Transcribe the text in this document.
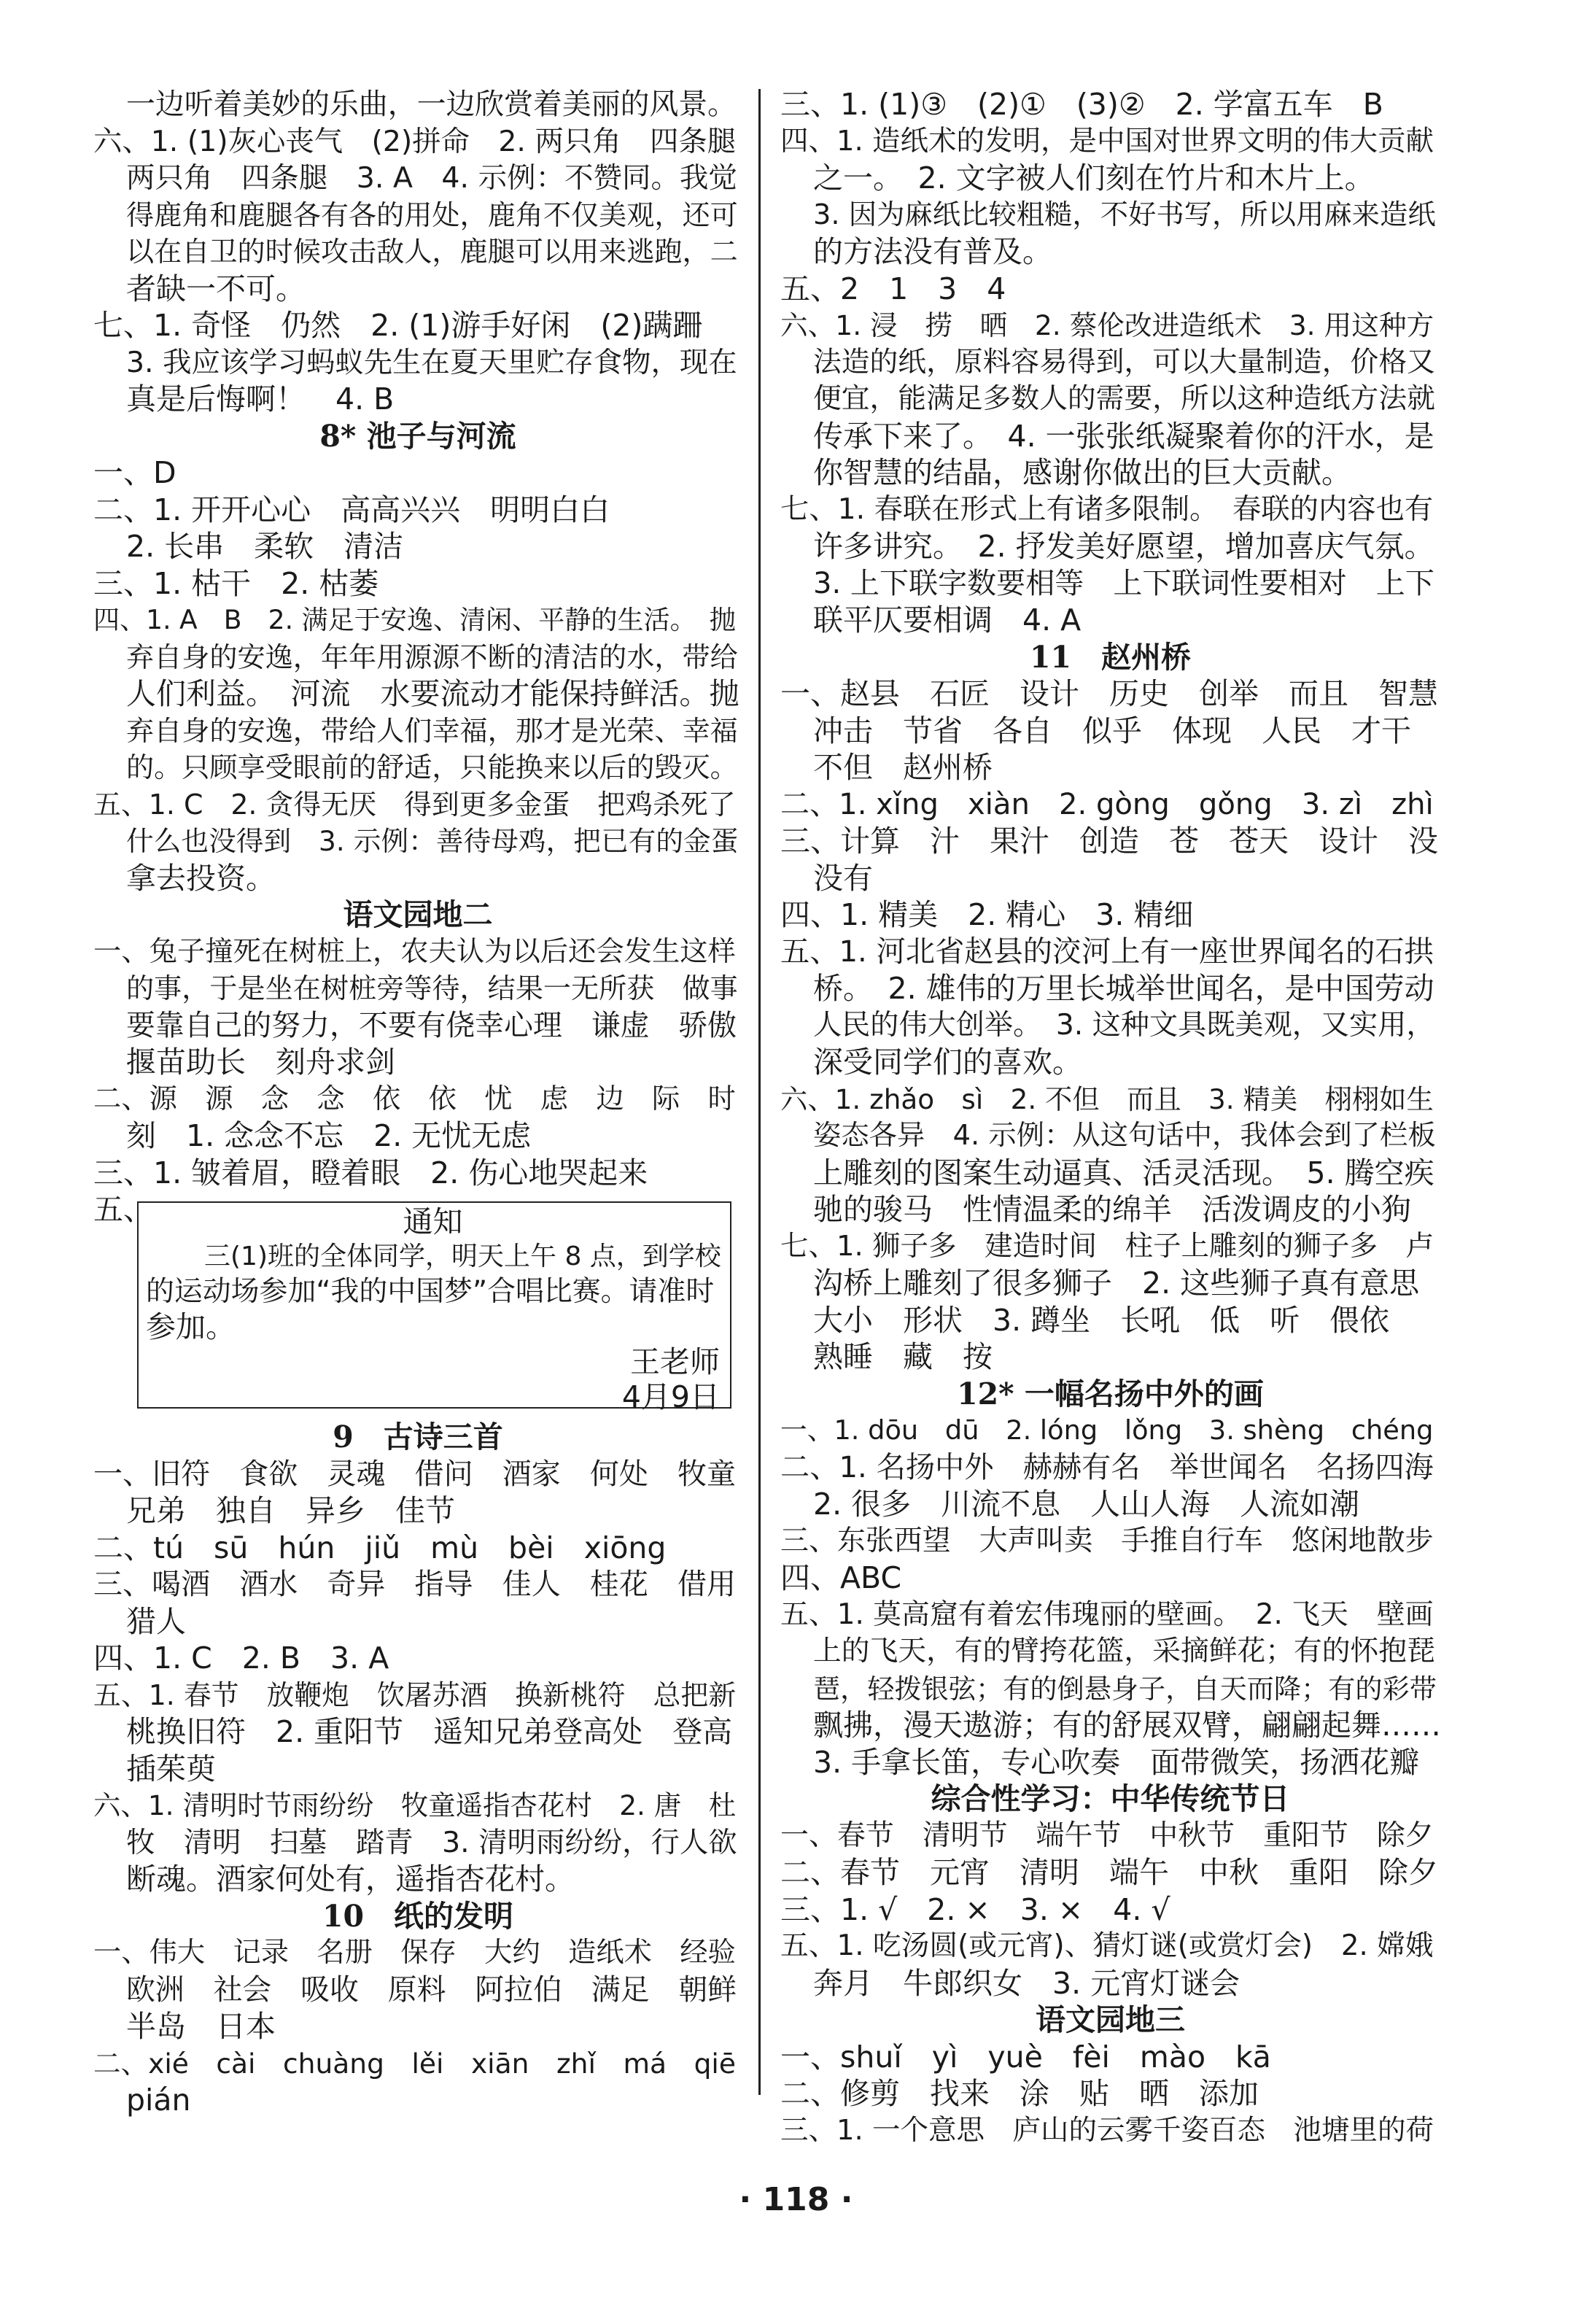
一边听着美妙的乐曲，一边欣赏着美丽的风景。
六、1. (1)灰心丧气　(2)拼命　2. 两只角　四条腿
两只角　四条腿　3. A　4. 示例：不赞同。我觉
得鹿角和鹿腿各有各的用处，鹿角不仅美观，还可
以在自卫的时候攻击敌人，鹿腿可以用来逃跑，二
者缺一不可。
七、1. 奇怪　仍然　2. (1)游手好闲　(2)蹒跚
3. 我应该学习蚂蚁先生在夏天里贮存食物，现在
真是后悔啊！　4. B
8* 池子与河流
一、D
二、1. 开开心心　高高兴兴　明明白白
2. 长串　柔软　清洁
三、1. 枯干　2. 枯萎
四、1. A　B　2. 满足于安逸、清闲、平静的生活。　抛
弃自身的安逸，年年用源源不断的清洁的水，带给
人们利益。　河流　水要流动才能保持鲜活。抛
弃自身的安逸，带给人们幸福，那才是光荣、幸福
的。只顾享受眼前的舒适，只能换来以后的毁灭。
五、1. C　2. 贪得无厌　得到更多金蛋　把鸡杀死了
什么也没得到　3. 示例：善待母鸡，把已有的金蛋
拿去投资。
语文园地二
一、兔子撞死在树桩上，农夫认为以后还会发生这样
的事，于是坐在树桩旁等待，结果一无所获　做事
要靠自己的努力，不要有侥幸心理　谦虚　骄傲
揠苗助长　刻舟求剑
二、源　源　念　念　依　依　忧　虑　边　际　时
刻　1. 念念不忘　2. 无忧无虑
三、1. 皱着眉，瞪着眼　2. 伤心地哭起来
五、	通知
三(1)班的全体同学，明天上午 8 点，到学校
的运动场参加“我的中国梦”合唱比赛。请准时
参加。
王老师
4月9日
9　古诗三首
一、旧符　食欲　灵魂　借问　酒家　何处　牧童
兄弟　独自　异乡　佳节
二、tú　sū　hún　jiǔ　mù　bèi　xiōng
三、喝酒　酒水　奇异　指导　佳人　桂花　借用
猎人
四、1. C　2. B　3. A
五、1. 春节　放鞭炮　饮屠苏酒　换新桃符　总把新
桃换旧符　2. 重阳节　遥知兄弟登高处　登高
插茱萸
六、1. 清明时节雨纷纷　牧童遥指杏花村　2. 唐　杜
牧　清明　扫墓　踏青　3. 清明雨纷纷，行人欲
断魂。酒家何处有，遥指杏花村。
10　纸的发明
一、伟大　记录　名册　保存　大约　造纸术　经验
欧洲　社会　吸收　原料　阿拉伯　满足　朝鲜
半岛　日本
二、xié　cài　chuàng　lěi　xiān　zhǐ　má　qiē
pián
三、1. (1)③　(2)①　(3)②　2. 学富五车　B
四、1. 造纸术的发明，是中国对世界文明的伟大贡献
之一。　2. 文字被人们刻在竹片和木片上。
3. 因为麻纸比较粗糙，不好书写，所以用麻来造纸
的方法没有普及。
五、2　1　3　4
六、1. 浸　捞　晒　2. 蔡伦改进造纸术　3. 用这种方
法造的纸，原料容易得到，可以大量制造，价格又
便宜，能满足多数人的需要，所以这种造纸方法就
传承下来了。　4. 一张张纸凝聚着你的汗水，是
你智慧的结晶，感谢你做出的巨大贡献。
七、1. 春联在形式上有诸多限制。　春联的内容也有
许多讲究。　2. 抒发美好愿望，增加喜庆气氛。
3. 上下联字数要相等　上下联词性要相对　上下
联平仄要相调　4. A
11　赵州桥
一、赵县　石匠　设计　历史　创举　而且　智慧
冲击　节省　各自　似乎　体现　人民　才干
不但　赵州桥
二、1. xǐng　xiàn　2. gòng　gǒng　3. zì　zhì
三、计算　汁　果汁　创造　苍　苍天　设计　没
没有
四、1. 精美　2. 精心　3. 精细
五、1. 河北省赵县的洨河上有一座世界闻名的石拱
桥。　2. 雄伟的万里长城举世闻名，是中国劳动
人民的伟大创举。　3. 这种文具既美观，又实用，
深受同学们的喜欢。
六、1. zhǎo　sì　2. 不但　而且　3. 精美　栩栩如生
姿态各异　4. 示例：从这句话中，我体会到了栏板
上雕刻的图案生动逼真、活灵活现。　5. 腾空疾
驰的骏马　性情温柔的绵羊　活泼调皮的小狗
七、1. 狮子多　建造时间　柱子上雕刻的狮子多　卢
沟桥上雕刻了很多狮子　2. 这些狮子真有意思
大小　形状　3. 蹲坐　长吼　低　听　偎依
熟睡　藏　按
12* 一幅名扬中外的画
一、1. dōu　dū　2. lóng　lǒng　3. shèng　chéng
二、1. 名扬中外　赫赫有名　举世闻名　名扬四海
2. 很多　川流不息　人山人海　人流如潮
三、东张西望　大声叫卖　手推自行车　悠闲地散步
四、ABC
五、1. 莫高窟有着宏伟瑰丽的壁画。　2. 飞天　壁画
上的飞天，有的臂挎花篮，采摘鲜花；有的怀抱琵
琶，轻拨银弦；有的倒悬身子，自天而降；有的彩带
飘拂，漫天遨游；有的舒展双臂，翩翩起舞……
3. 手拿长笛，专心吹奏　面带微笑，扬洒花瓣
综合性学习：中华传统节日
一、春节　清明节　端午节　中秋节　重阳节　除夕
二、春节　元宵　清明　端午　中秋　重阳　除夕
三、1. √　2. ×　3. ×　4. √
五、1. 吃汤圆(或元宵)、猜灯谜(或赏灯会)　2. 嫦娥
奔月　牛郎织女　3. 元宵灯谜会
语文园地三
一、shuǐ　yì　yuè　fèi　mào　kā
二、修剪　找来　涂　贴　晒　添加
三、1. 一个意思　庐山的云雾千姿百态　池塘里的荷
· 118 ·
